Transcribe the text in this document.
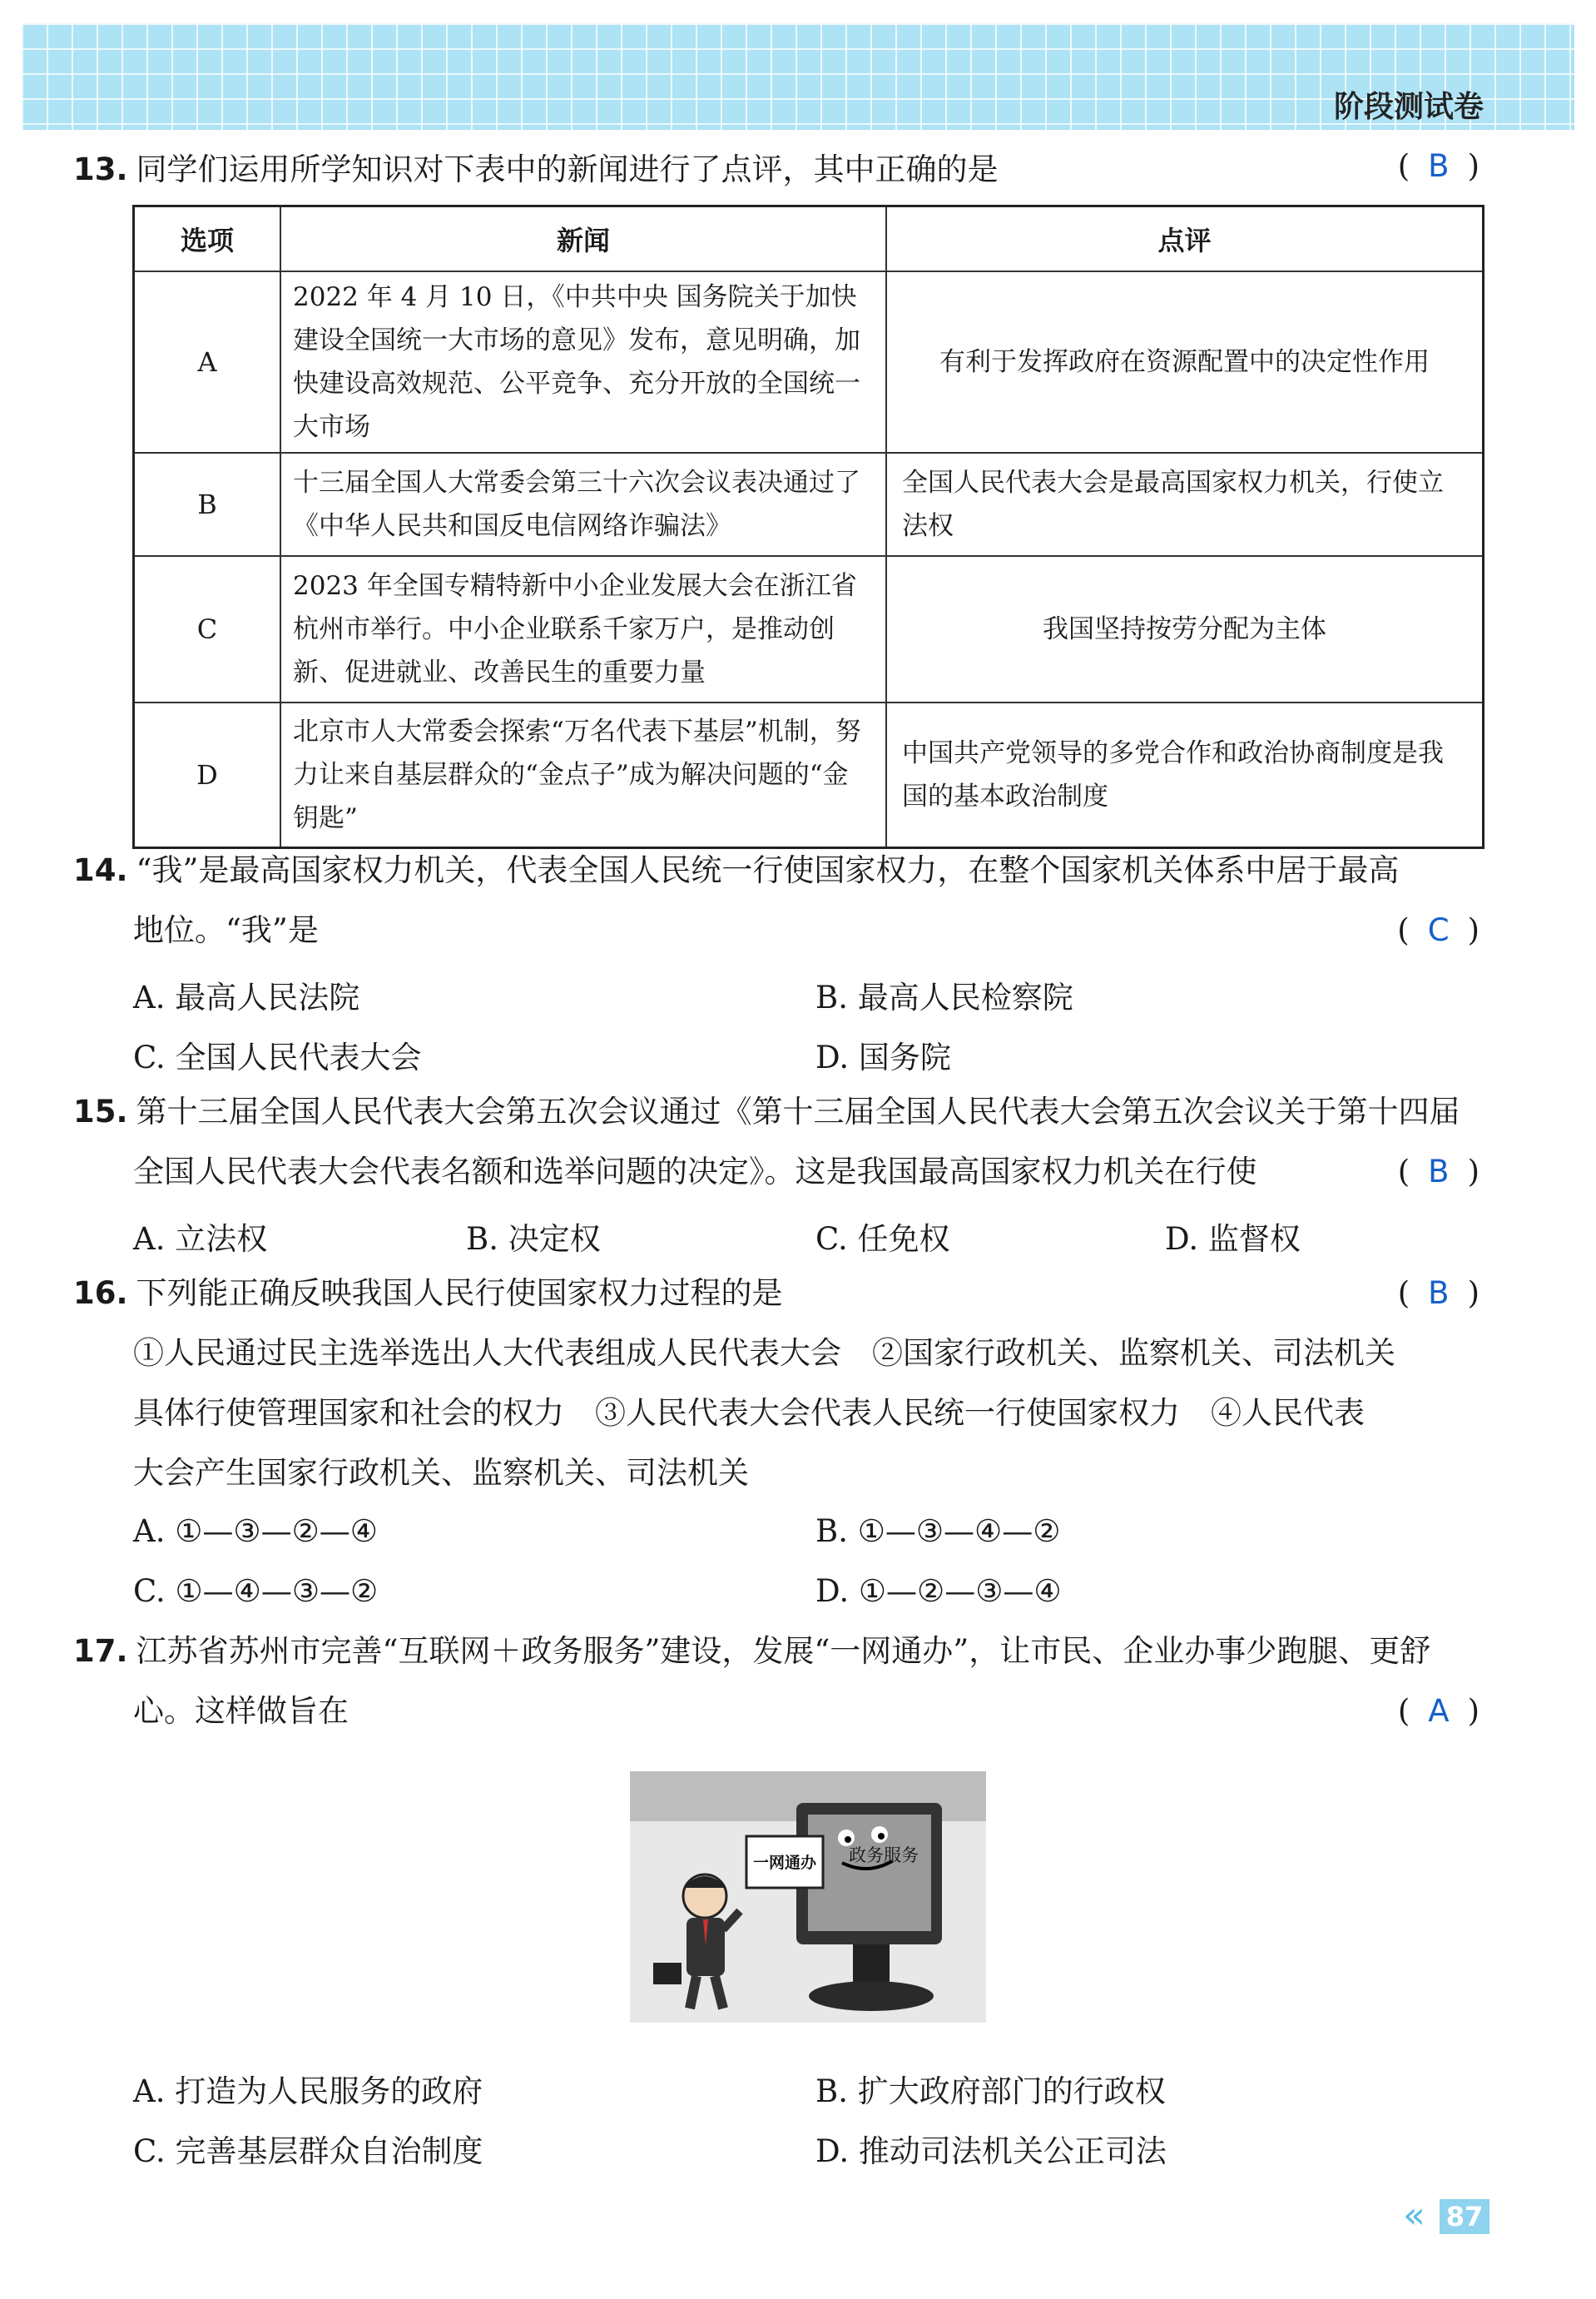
阶段测试卷
13. 同学们运用所学知识对下表中的新闻进行了点评，其中正确的是	( B )
选项	新闻	点评
A	2022 年 4 月 10 日，《中共中央 国务院关于加快建设全国统一大市场的意见》发布，意见明确，加快建设高效规范、公平竞争、充分开放的全国统一大市场	有利于发挥政府在资源配置中的决定性作用
B	十三届全国人大常委会第三十六次会议表决通过了《中华人民共和国反电信网络诈骗法》	全国人民代表大会是最高国家权力机关，行使立法权
C	2023 年全国专精特新中小企业发展大会在浙江省杭州市举行。中小企业联系千家万户，是推动创新、促进就业、改善民生的重要力量	我国坚持按劳分配为主体
D	北京市人大常委会探索“万名代表下基层”机制，努力让来自基层群众的“金点子”成为解决问题的“金钥匙”	中国共产党领导的多党合作和政治协商制度是我国的基本政治制度
14. “我”是最高国家权力机关，代表全国人民统一行使国家权力，在整个国家机关体系中居于最高
地位。“我”是	( C )
A. 最高人民法院	B. 最高人民检察院
C. 全国人民代表大会	D. 国务院
15. 第十三届全国人民代表大会第五次会议通过《第十三届全国人民代表大会第五次会议关于第十四届
全国人民代表大会代表名额和选举问题的决定》。这是我国最高国家权力机关在行使	( B )
A. 立法权	B. 决定权	C. 任免权	D. 监督权
16. 下列能正确反映我国人民行使国家权力过程的是	( B )
①人民通过民主选举选出人大代表组成人民代表大会　②国家行政机关、监察机关、司法机关
具体行使管理国家和社会的权力　③人民代表大会代表人民统一行使国家权力　④人民代表
大会产生国家行政机关、监察机关、司法机关
A. ①—③—②—④	B. ①—③—④—②
C. ①—④—③—②	D. ①—②—③—④
17. 江苏省苏州市完善“互联网＋政务服务”建设，发展“一网通办”，让市民、企业办事少跑腿、更舒
心。这样做旨在	( A )
一网通办 政务服务
A. 打造为人民服务的政府	B. 扩大政府部门的行政权
C. 完善基层群众自治制度	D. 推动司法机关公正司法
« 87
